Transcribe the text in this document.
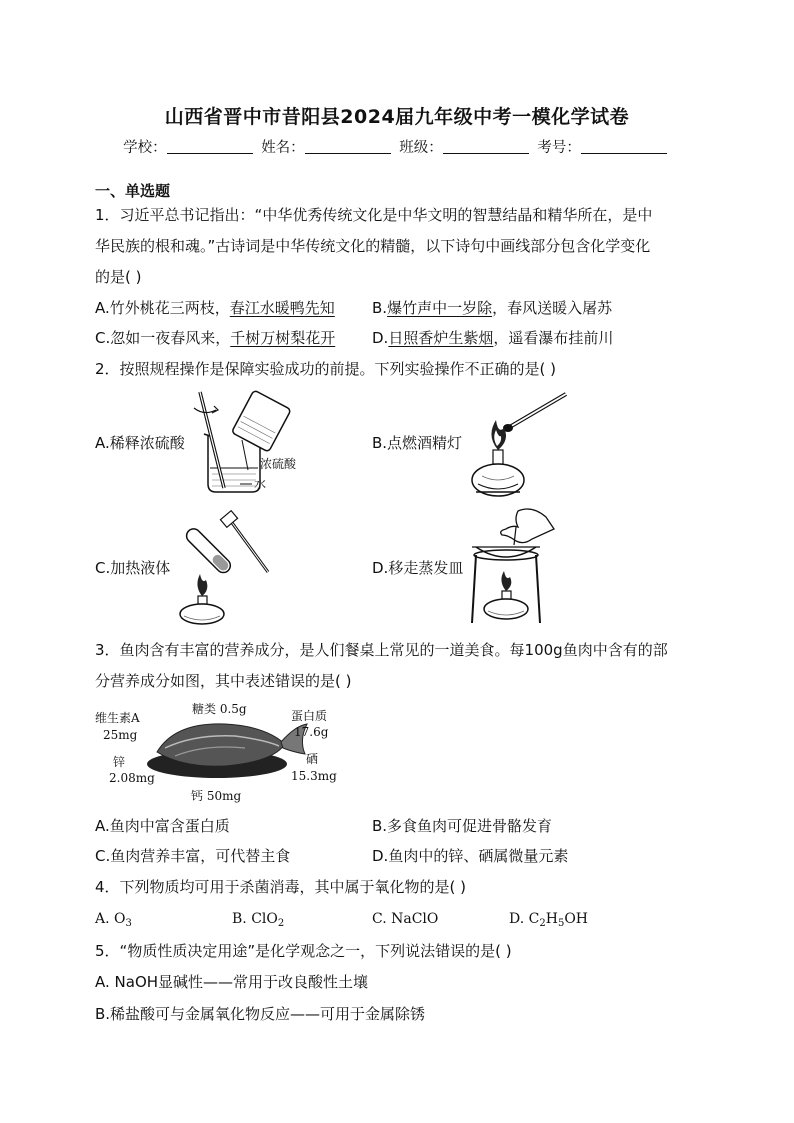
山西省晋中市昔阳县2024届九年级中考一模化学试卷
学校：	姓名：	班级：	考号：
一、单选题
1．习近平总书记指出：“中华优秀传统文化是中华文明的智慧结晶和精华所在，是中
华民族的根和魂。”古诗词是中华传统文化的精髓，以下诗句中画线部分包含化学变化
的是( )
A.竹外桃花三两枝，春江水暖鸭先知 B.爆竹声中一岁除，春风送暖入屠苏
C.忽如一夜春风来，千树万树梨花开 D.日照香炉生紫烟，遥看瀑布挂前川
2．按照规程操作是保障实验成功的前提。下列实验操作不正确的是( )
A.稀释浓硫酸
浓硫酸
水
B.点燃酒精灯
C.加热液体	D.移走蒸发皿
3．鱼肉含有丰富的营养成分，是人们餐桌上常见的一道美食。每100g鱼肉中含有的部
分营养成分如图，其中表述错误的是( )
维生素A
25mg
糖类 0.5g	蛋白质
17.6g
锌
2.08mg
硒
15.3mg
钙 50mg
A.鱼肉中富含蛋白质	B.多食鱼肉可促进骨骼发育
C.鱼肉营养丰富，可代替主食	D.鱼肉中的锌、硒属微量元素
4．下列物质均可用于杀菌消毒，其中属于氧化物的是( )
A. $O_3$	B. ClO$_2$	C. NaClO	D. $C_2H_5OH$
5．“物质性质决定用途”是化学观念之一，下列说法错误的是( )
A. NaOH显碱性——常用于改良酸性土壤
B.稀盐酸可与金属氧化物反应——可用于金属除锈
